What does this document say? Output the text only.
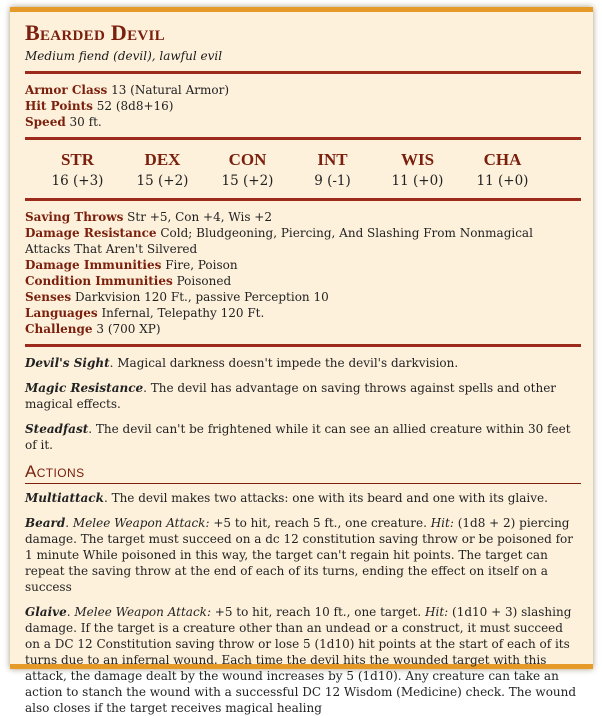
Bearded Devil
Medium fiend (devil), lawful evil
Armor Class 13 (Natural Armor)
Hit Points 52 (8d8+16)
Speed 30 ft.
STR
16 (+3)
DEX
15 (+2)
CON
15 (+2)
INT
9 (-1)
WIS
11 (+0)
CHA
11 (+0)
Saving Throws Str +5, Con +4, Wis +2
Damage Resistance Cold; Bludgeoning, Piercing, And Slashing From Nonmagical Attacks That Aren't Silvered
Damage Immunities Fire, Poison
Condition Immunities Poisoned
Senses Darkvision 120 Ft., passive Perception 10
Languages Infernal, Telepathy 120 Ft.
Challenge 3 (700 XP)

Devil's Sight. Magical darkness doesn't impede the devil's darkvision.

Magic Resistance. The devil has advantage on saving throws against spells and other magical effects.

Steadfast. The devil can't be frightened while it can see an allied creature within 30 feet of it.

Actions

Multiattack. The devil makes two attacks: one with its beard and one with its glaive.

Beard. Melee Weapon Attack: +5 to hit, reach 5 ft., one creature. Hit: (1d8 + 2) piercing damage. The target must succeed on a dc 12 constitution saving throw or be poisoned for 1 minute While poisoned in this way, the target can't regain hit points. The target can repeat the saving throw at the end of each of its turns, ending the effect on itself on a success

Glaive. Melee Weapon Attack: +5 to hit, reach 10 ft., one target. Hit: (1d10 + 3) slashing damage. If the target is a creature other than an undead or a construct, it must succeed on a DC 12 Constitution saving throw or lose 5 (1d10) hit points at the start of each of its turns due to an infernal wound. Each time the devil hits the wounded target with this attack, the damage dealt by the wound increases by 5 (1d10). Any creature can take an action to stanch the wound with a successful DC 12 Wisdom (Medicine) check. The wound also closes if the target receives magical healing
